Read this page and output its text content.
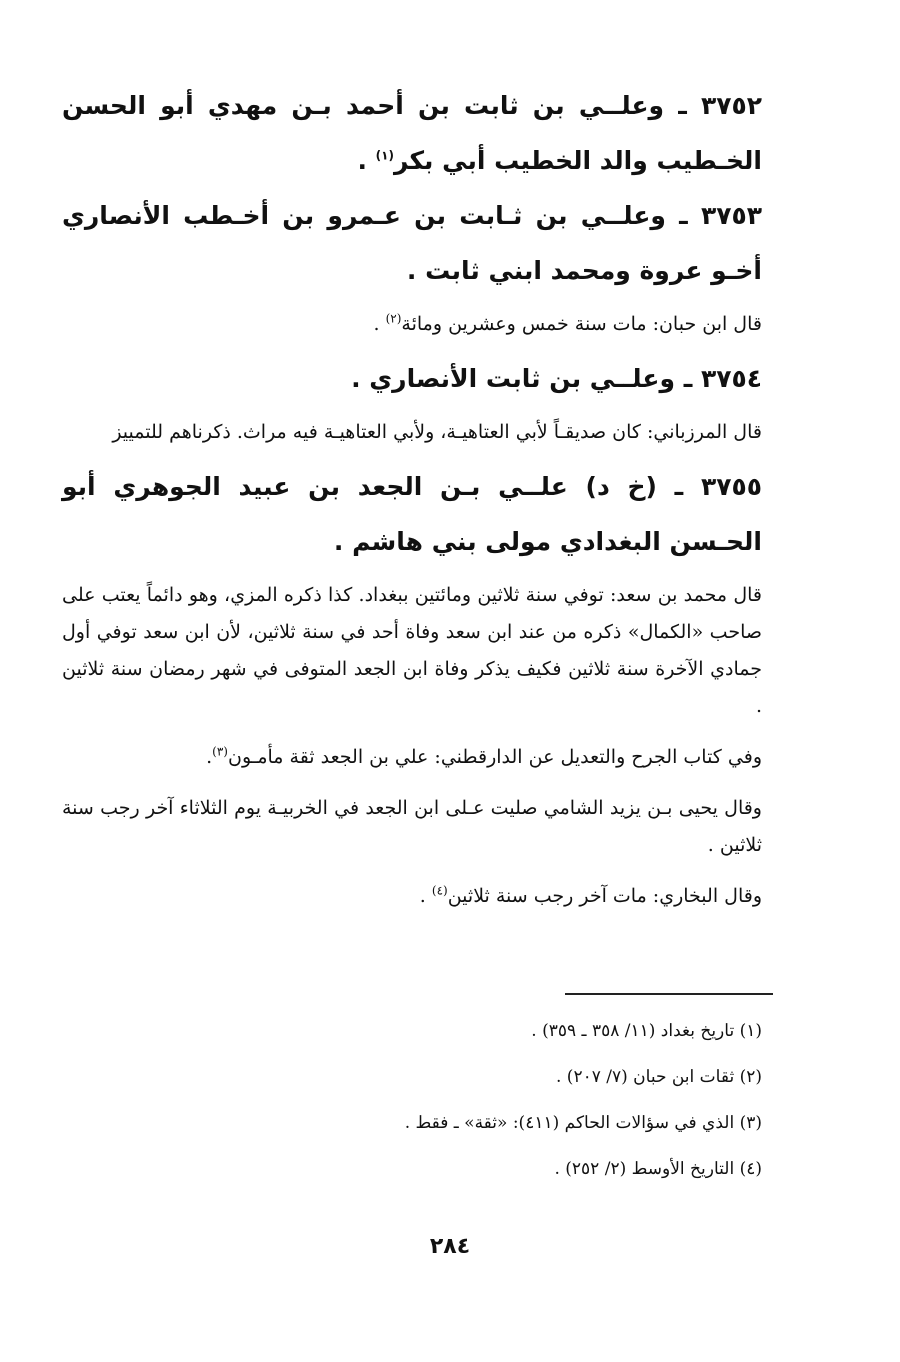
٣٧٥٢ ـ وعلــي بن ثابت بن أحمد بـن مهدي أبو الحسن الخـطيب والد الخطيب أبي بكر$^{(١)}$ .

٣٧٥٣ ـ وعلــي بن ثـابت بن عـمرو بن أخـطب الأنصاري أخـو عروة ومحمد ابني ثابت .

قال ابن حبان: مات سنة خمس وعشرين ومائة$^{(٢)}$ .

٣٧٥٤ ـ وعلــي بن ثابت الأنصاري .

قال المرزباني: كان صديقـاً لأبي العتاهيـة، ولأبي العتاهيـة فيه مراث. ذكرناهم للتمييز

٣٧٥٥ ـ (خ د) علــي بـن الجعد بن عبيد الجوهري أبو الحـسن البغدادي مولى بني هاشم .

قال محمد بن سعد: توفي سنة ثلاثين ومائتين ببغداد. كذا ذكره المزي، وهو دائماً يعتب على صاحب «الكمال» ذكره من عند ابن سعد وفاة أحد في سنة ثلاثين، لأن ابن سعد توفي أول جمادي الآخرة سنة ثلاثين فكيف يذكر وفاة ابن الجعد المتوفى في شهر رمضان سنة ثلاثين .

وفي كتاب الجرح والتعديل عن الدارقطني: علي بن الجعد ثقة مأمـون$^{(٣)}$.

وقال يحيى بـن يزيد الشامي صليت عـلى ابن الجعد في الخربيـة يوم الثلاثاء آخر رجب سنة ثلاثين .

وقال البخاري: مات آخر رجب سنة ثلاثين$^{(٤)}$ .

(١) تاريخ بغداد (١١/ ٣٥٨ ـ ٣٥٩) .
(٢) ثقات ابن حبان (٧/ ٢٠٧) .
(٣) الذي في سؤالات الحاكم (٤١١): «ثقة» ـ فقط .
(٤) التاريخ الأوسط (٢/ ٢٥٢) .
٢٨٤
